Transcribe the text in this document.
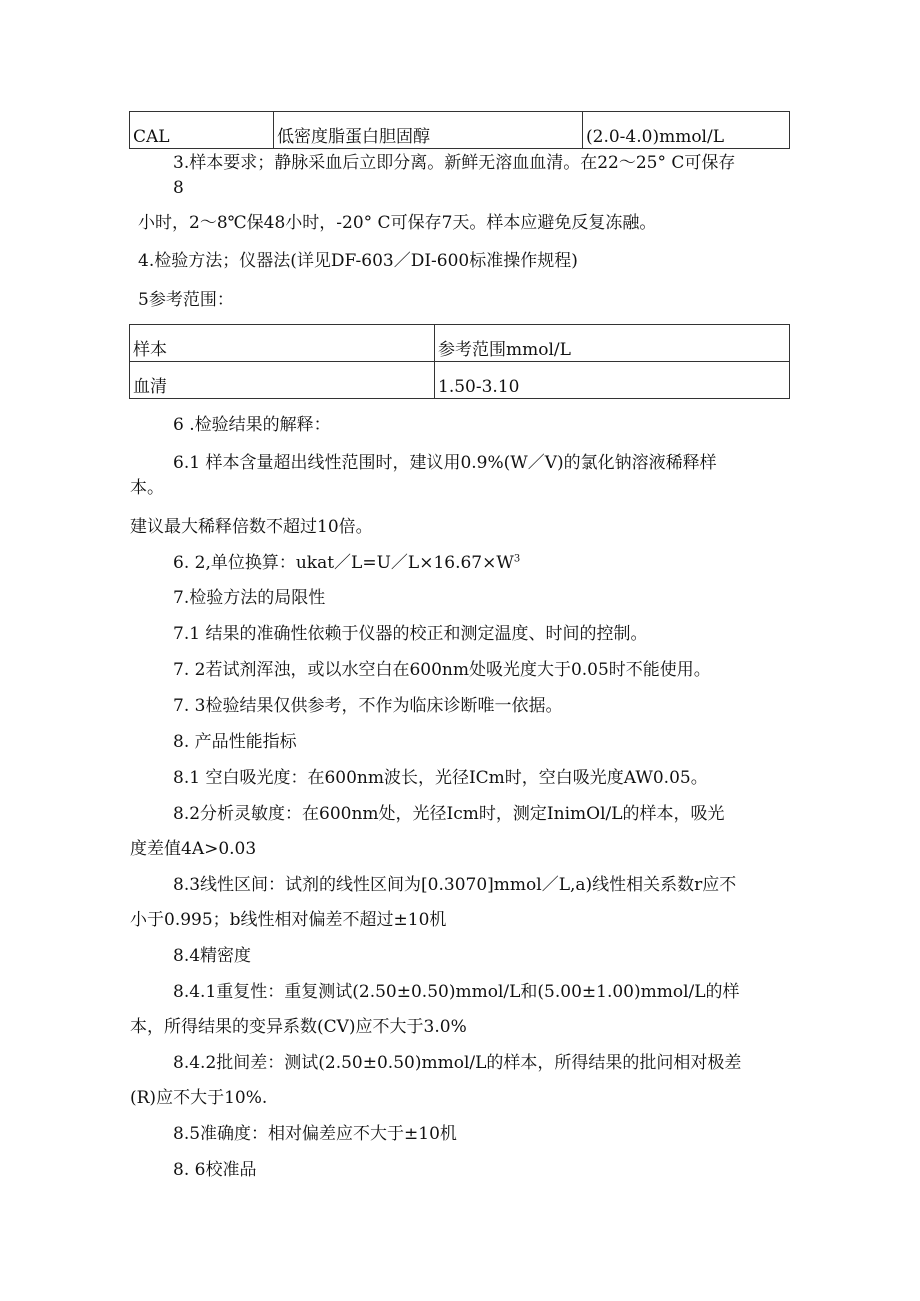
CAL	低密度脂蛋白胆固醇	(2.0-4.0)mmol/L
3.样本要求；静脉采血后立即分离。新鲜无溶血血清。在22～25° C可保存
8
小时，2～8℃保48小时，-20° C可保存7天。样本应避免反复冻融。
4.检验方法；仪器法(详见DF-603／DI-600标准操作规程)
5参考范围：
样本	参考范围mmol/L
血清	1.50-3.10
6 .检验结果的解释：
6.1 样本含量超出线性范围时，建议用0.9%(W／V)的氯化钠溶液稀释样
本。
建议最大稀释倍数不超过10倍。
6. 2,单位换算：$ukat/L=U/L\times 16.67\times W^3$
7.检验方法的局限性
7.1 结果的准确性依赖于仪器的校正和测定温度、时间的控制。
7. 2若试剂浑浊，或以水空白在600nm处吸光度大于0.05时不能使用。
7. 3检验结果仅供参考，不作为临床诊断唯一依据。
8. 产品性能指标
8.1 空白吸光度：在600nm波长，光径ICm时，空白吸光度AW0.05。
8.2分析灵敏度：在600nm处，光径Icm时，测定InimOl/L的样本，吸光
度差值4A>0.03
8.3线性区间：试剂的线性区间为[0.3070]mmol／L,a)线性相关系数r应不
小于0.995；b线性相对偏差不超过±10机
8.4精密度
8.4.1重复性：重复测试(2.50±0.50)mmol/L和(5.00±1.00)mmol/L的样
本，所得结果的变异系数(CV)应不大于3.0%
8.4.2批间差：测试(2.50±0.50)mmol/L的样本，所得结果的批问相对极差
(R)应不大于10%.
8.5准确度：相对偏差应不大于±10机
8. 6校准品
